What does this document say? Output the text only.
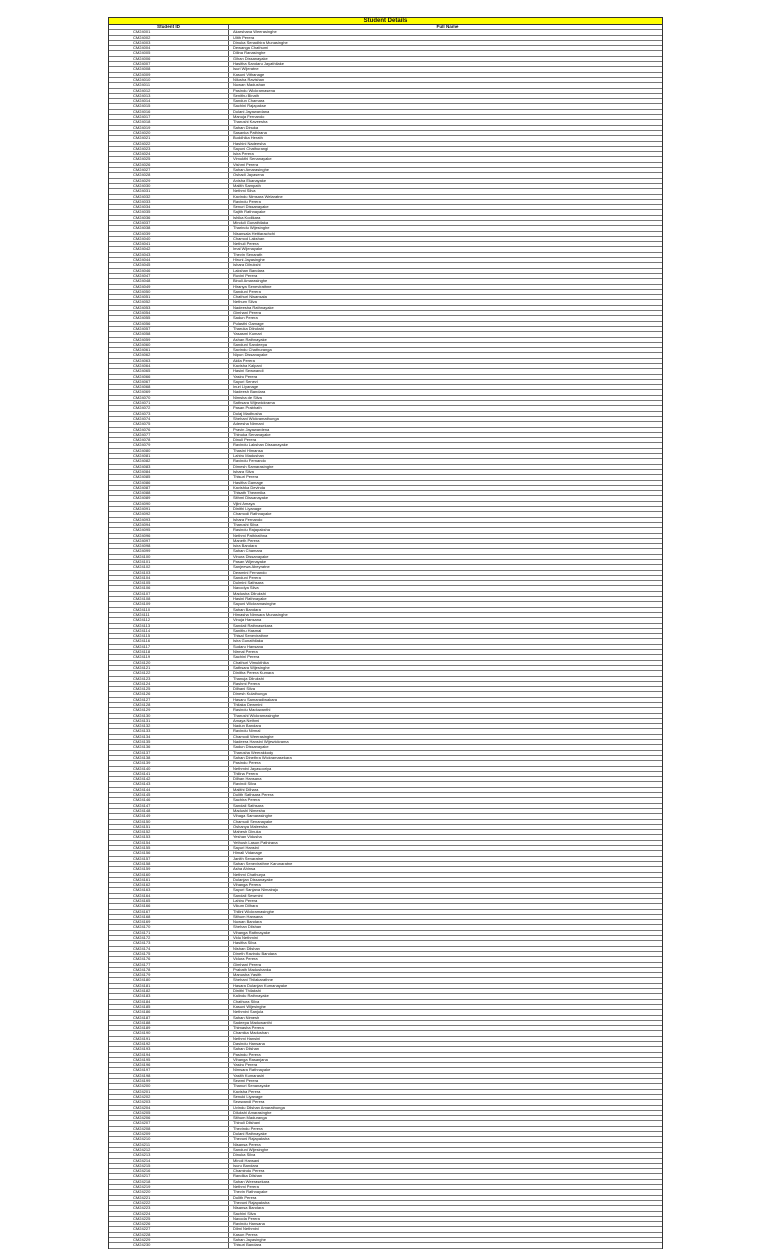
Student Details
Student ID	Full Name
CM24001	Akarshana Weerasinghe
CM24002	Ulith Perera
CM24003	Dinuka Senadhira Munasinghe
CM24004	Dewanga Chathumi
CM24005	Dilina Ranasinghe
CM24006	Gihan Dissanayake
CM24007	Hasitha Sandaru Jayathilake
CM24008	Isuri Wijeratne
CM24009	Kasuni Vithanage
CM24010	Nilusha Ravishan
CM24011	Nuwan Madushan
CM24012	Pasindu Wickramasena
CM24013	Senithu Binath
CM24014	Sandun Chamara
CM24015	Sachini Rajapakse
CM24016	Dulani Jayawardana
CM24017	Manuja Fernando
CM24018	Tharushi Kaveesha
CM24019	Sahan Dinuka
CM24020	Sasanka Pathirana
CM24021	Buddhika Herath
CM24022	Hashini Nadeesha
CM24023	Sayuni Chathurangi
CM24024	Isira Perera
CM24025	Vimukthi Senanayake
CM24026	Vishmi Perera
CM24027	Sahan Amarasinghe
CM24028	Oshadi Jayasena
CM24029	Anisha Ekanayake
CM24030	Malith Sampath
CM24031	Nethmi Silva
CM24032	Kavindu Nimsara Welaratne
CM24033	Ravindu Perera
CM24034	Senuri Dissanayake
CM24035	Sajith Rathnayake
CM24036	Ishika Kodikara
CM24037	Minduli Gunathilaka
CM24038	Tharindu Wijesinghe
CM24039	Nisansala Hettiarachchi
CM24040	Chamod Lakshan
CM24041	Nethuli Perera
CM24042	Imal Wijenayake
CM24043	Thevin Senarath
CM24044	Hiruni Jayasinghe
CM24045	Ishara Dilrukshi
CM24046	Lakshan Bandara
CM24047	Ruvini Perera
CM24048	Binuli Amarasinghe
CM24049	Hiranya Senevirathne
CM24050	Sanduni Perera
CM24051	Chathuri Nisansala
CM24052	Nethum Silva
CM24053	Nadeesha Rathnayake
CM24054	Gimhani Perera
CM24055	Sadun Perera
CM24056	Pulasthi Gamage
CM24057	Tharuka Dilrukshi
CM24058	Yasasmi Kumari
CM24059	Ashan Rathnayake
CM24060	Sanduni Sandeepa
CM24061	Savindu Chathuranga
CM24062	Nipun Dissanayake
CM24063	Akila Perera
CM24064	Kavisha Kalpani
CM24065	Hasini Sewwandi
CM24066	Yasiru Perera
CM24067	Sayuri Senevi
CM24068	Inuri Liyanage
CM24069	Nadeesh Bandara
CM24070	Nimsha de Silva
CM24071	Sathsara Wijewickrama
CM24072	Pasan Prabhath
CM24073	Dulaj Madhusha
CM24074	Shehani Wickramathunga
CM24075	Adeesha Nirmani
CM24076	Pravin Jayawardena
CM24077	Thinuka Senanayake
CM24078	Dinuli Perera
CM24079	Ravindu Lakshan Dissanayake
CM24080	Thasini Himansa
CM24081	Lahiru Madushan
CM24082	Ravindu Fernando
CM24083	Dimesh Samarasinghe
CM24084	Ishara Silva
CM24085	Thisuri Perera
CM24086	Hasitha Gamage
CM24087	Kavishka Devinda
CM24088	Thisath Thewmika
CM24089	Sithmi Dissanayake
CM24090	Vijini Amaya
CM24091	Dinithi Liyanage
CM24092	Chamodi Rathnayake
CM24093	Ishara Fernando
CM24094	Tharushi Silva
CM24095	Rasindu Rajapaksha
CM24096	Nethmi Pathirathna
CM24097	Maneth Perera
CM24098	Isira Bandara
CM24099	Sahan Chamara
CM24100	Vinura Dissanayake
CM24101	Pasan Wijenayake
CM24102	Sanjeewa Abeyratne
CM24103	Dewmini Fernando
CM24104	Sanduni Perera
CM24105	Dulmini Sathsara
CM24106	Navodya Silva
CM24107	Madusha Dilrukshi
CM24108	Hasini Rathnayake
CM24109	Sayuni Wickramasinghe
CM24110	Sahan Bandara
CM24111	Himasha Nimsara Munasinghe
CM24112	Vinuja Hansana
CM24113	Sandali Rathnasekara
CM24114	Sanithu Hasmal
CM24115	Thisal Senevirathne
CM24116	Isira Gunathilaka
CM24117	Sudaru Hansana
CM24118	Nirmal Perera
CM24119	Sachini Perera
CM24120	Chathuri Vimukthika
CM24121	Sathsara Wijesinghe
CM24122	Dinitha Perera Kumara
CM24123	Thanuja Dilrukshi
CM24124	Rashmi Perera
CM24125	Dilhani Silva
CM24126	Dinesh Kulathunga
CM24127	Hasaru Samaradiwakara
CM24128	Thilaka Dewmini
CM24129	Rasindu Maduwanthi
CM24130	Tharushi Wickramasinghe
CM24131	Amaya Nethmi
CM24132	Nadun Bandara
CM24133	Ravindu Nirmal
CM24134	Chamodi Weerasinghe
CM24135	Nadeera Hansini Wijewickrama
CM24136	Sadun Dissanayake
CM24137	Tharusha Weerakkody
CM24138	Sahan Dinethra Wickramasekara
CM24139	Pasindu Perera
CM24140	Nethmini Jayasooriya
CM24141	Thilina Perera
CM24142	Dilhan Hansana
CM24143	Ravindi Silva
CM24144	Malithi Dilhara
CM24145	Dulith Sathsara Perera
CM24146	Sachira Perera
CM24147	Sandali Sathsara
CM24148	Madushi Nimesha
CM24149	Vihaga Samarasinghe
CM24150	Chamudi Senanayake
CM24151	Oshanya Maleesha
CM24152	Mahesh Dinuka
CM24153	Yeshan Vidusha
CM24154	Yethush Lasun Pathirana
CM24155	Sayuri Hansini
CM24156	Himali Vidanage
CM24157	Janith Senaratne
CM24158	Sahan Senevirathne Karunaratne
CM24159	Asha Ahinsa
CM24160	Nethmi Chathurya
CM24161	Dulanjan Dissanayake
CM24162	Vihanga Perera
CM24163	Sayuri Sanjana Nimalraju
CM24164	Sandali Sewmini
CM24165	Lahiru Perera
CM24166	Vikum Dilhara
CM24167	Thilini Wickramasinghe
CM24168	Sithum Hansana
CM24169	Nuwan Bandara
CM24170	Shehan Dilshan
CM24171	Vihanga Rathnayake
CM24172	Vidu Nethmini
CM24173	Hasitha Silva
CM24174	Nishan Dilshan
CM24175	Dineth Ravindu Bandara
CM24176	Vidura Perera
CM24177	Gimhani Perera
CM24178	Prabath Madushanka
CM24179	Manusha Yasith
CM24180	Shehani Thilakarathne
CM24181	Hasara Dulanjan Kumanayake
CM24182	Dinithi Thilakshi
CM24183	Kalindu Rathnayake
CM24184	Chathura Silva
CM24185	Kasuni Wijesinghe
CM24186	Nethmini Sanjula
CM24187	Sahan Nimesh
CM24188	Sadeepa Maduwanthi
CM24189	Thimasha Perera
CM24190	Chamika Madushan
CM24191	Nethmi Hansini
CM24192	Dasindu Hansana
CM24193	Sahan Dilshan
CM24194	Pasindu Perera
CM24195	Vihanga Rasanjana
CM24196	Yasiru Perera
CM24197	Nimsara Rathnayake
CM24198	Yasith Kumarasiri
CM24199	Sewmi Perera
CM24200	Thanuri Senanayake
CM24201	Kavisha Perera
CM24202	Senuki Liyanage
CM24203	Sewwandi Perera
CM24204	Uvindu Dilshan Amarathunga
CM24205	Dilukshi Amarasinghe
CM24206	Sithum Maduranga
CM24207	Thinuli Dilshani
CM24208	Thevindu Perera
CM24209	Dulani Rathnayake
CM24210	Thevuni Rajapaksha
CM24211	Nisansa Perera
CM24212	Sanduni Wijesinghe
CM24213	Dinuka Silva
CM24214	Minoli Hansani
CM24215	Isuru Bandara
CM24216	Chamindu Perera
CM24217	Randika Dilshan
CM24218	Sahan Weerasekara
CM24219	Nethmi Perera
CM24220	Thevin Rathnayake
CM24221	Dulith Perera
CM24222	Thevuni Rajapaksha
CM24223	Nisansa Bandara
CM24224	Sachini Silva
CM24225	Navoda Perera
CM24226	Ravindu Hansana
CM24227	Dilmi Nethmini
CM24228	Kasun Perera
CM24229	Sahan Jayasinghe
CM24230	Thisuri Bandara
